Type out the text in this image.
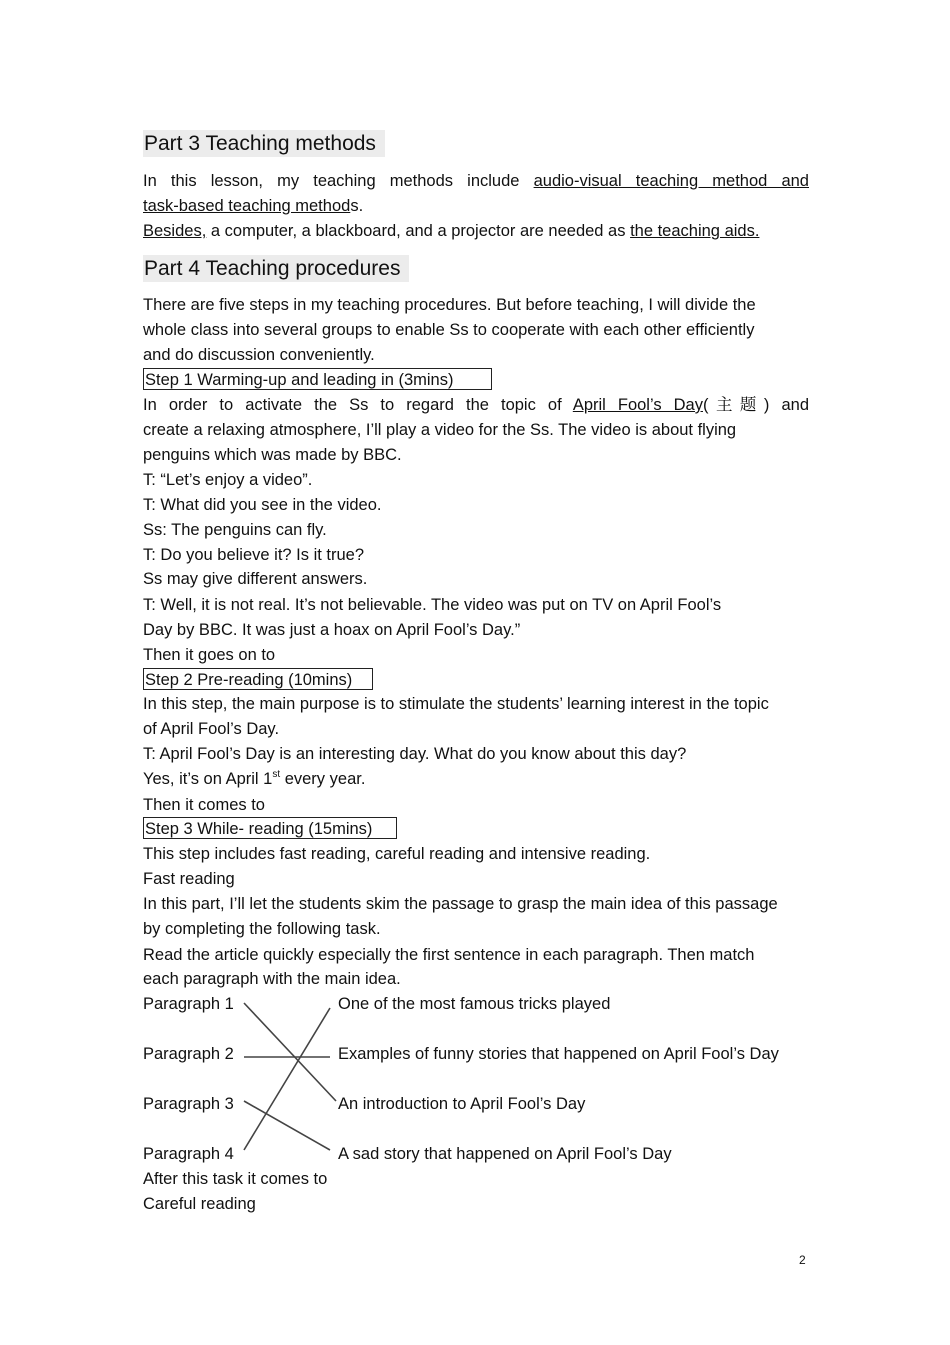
Part 3 Teaching methods
In this lesson, my teaching methods include audio-visual teaching method and
task-based teaching methods.
Besides, a computer, a blackboard, and a projector are needed as the teaching aids.
Part 4 Teaching procedures
There are five steps in my teaching procedures. But before teaching, I will divide the
whole class into several groups to enable Ss to cooperate with each other efficiently
and do discussion conveniently.
Step 1 Warming-up and leading in (3mins)
In order to activate the Ss to regard the topic of April Fool’s Day(主题) and
create a relaxing atmosphere, I’ll play a video for the Ss. The video is about flying
penguins which was made by BBC.
T: “Let’s enjoy a video”.
T: What did you see in the video.
Ss: The penguins can fly.
T: Do you believe it? Is it true?
Ss may give different answers.
T: Well, it is not real. It’s not believable. The video was put on TV on April Fool’s
Day by BBC. It was just a hoax on April Fool’s Day.”
Then it goes on to
Step 2 Pre-reading (10mins)
In this step, the main purpose is to stimulate the students’ learning interest in the topic
of April Fool’s Day.
T: April Fool’s Day is an interesting day. What do you know about this day?
Yes, it’s on April 1st every year.
Then it comes to
Step 3 While- reading (15mins)
This step includes fast reading, careful reading and intensive reading.
Fast reading
In this part, I’ll let the students skim the passage to grasp the main idea of this passage
by completing the following task.
Read the article quickly especially the first sentence in each paragraph. Then match
each paragraph with the main idea.
Paragraph 1
Paragraph 2
Paragraph 3
Paragraph 4
One of the most famous tricks played
Examples of funny stories that happened on April Fool’s Day
An introduction to April Fool’s Day
A sad story that happened on April Fool’s Day
After this task it comes to
Careful reading
2
